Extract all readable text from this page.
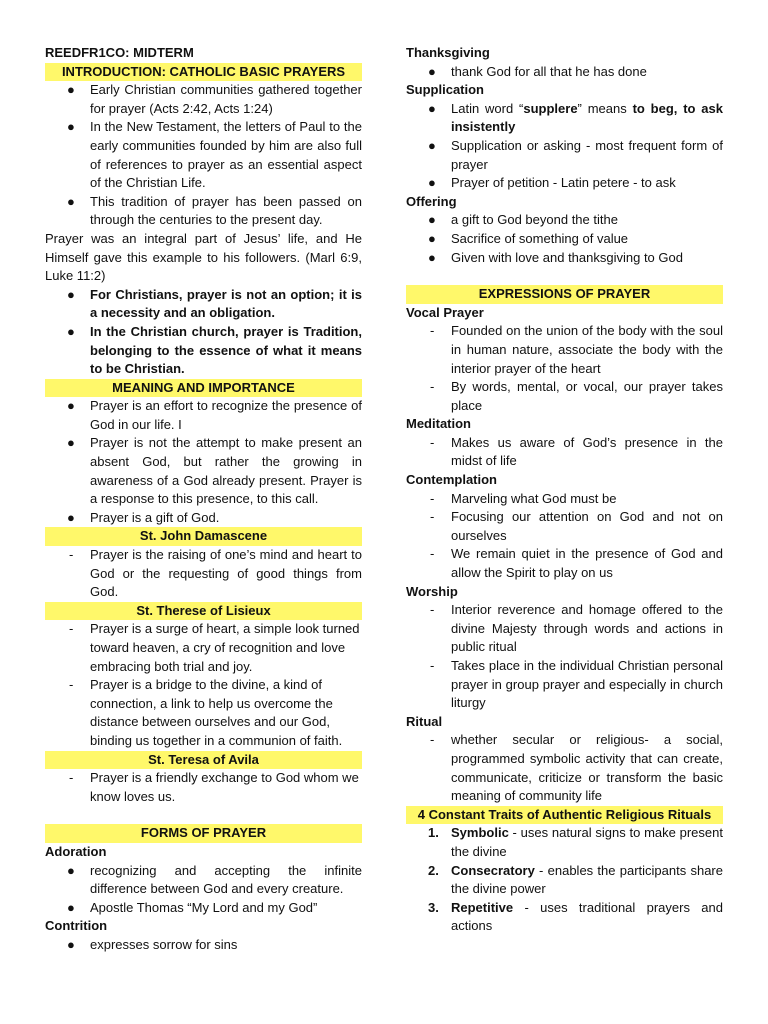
REEDFR1CO: MIDTERM

INTRODUCTION: CATHOLIC BASIC PRAYERS

● Early Christian communities gathered together for prayer (Acts 2:42, Acts 1:24)
● In the New Testament, the letters of Paul to the early communities founded by him are also full of references to prayer as an essential aspect of the Christian Life.
● This tradition of prayer has been passed on through the centuries to the present day.

Prayer was an integral part of Jesus’ life, and He Himself gave this example to his followers. (Marl 6:9, Luke 11:2)

● For Christians, prayer is not an option; it is a necessity and an obligation.
● In the Christian church, prayer is Tradition, belonging to the essence of what it means to be Christian.

MEANING AND IMPORTANCE

● Prayer is an effort to recognize the presence of God in our life. I
● Prayer is not the attempt to make present an absent God, but rather the growing in awareness of a God already present. Prayer is a response to this presence, to this call.
● Prayer is a gift of God.

St. John Damascene

- Prayer is the raising of one’s mind and heart to God or the requesting of good things from God.

St. Therese of Lisieux

- Prayer is a surge of heart, a simple look turned toward heaven, a cry of recognition and love embracing both trial and joy.
- Prayer is a bridge to the divine, a kind of connection, a link to help us overcome the distance between ourselves and our God, binding us together in a communion of faith.

St. Teresa of Avila

- Prayer is a friendly exchange to God whom we know loves us.

FORMS OF PRAYER

Adoration

● recognizing and accepting the infinite difference between God and every creature.
● Apostle Thomas “My Lord and my God”

Contrition

● expresses sorrow for sins

Thanksgiving

● thank God for all that he has done

Supplication

● Latin word “supplere” means to beg, to ask insistently
● Supplication or asking - most frequent form of prayer
● Prayer of petition - Latin petere - to ask

Offering

● a gift to God beyond the tithe
● Sacrifice of something of value
● Given with love and thanksgiving to God

EXPRESSIONS OF PRAYER

Vocal Prayer

- Founded on the union of the body with the soul in human nature, associate the body with the interior prayer of the heart
- By words, mental, or vocal, our prayer takes place

Meditation

- Makes us aware of God’s presence in the midst of life

Contemplation

- Marveling what God must be
- Focusing our attention on God and not on ourselves
- We remain quiet in the presence of God and allow the Spirit to play on us

Worship

- Interior reverence and homage offered to the divine Majesty through words and actions in public ritual
- Takes place in the individual Christian personal prayer in group prayer and especially in church liturgy

Ritual

- whether secular or religious- a social, programmed symbolic activity that can create, communicate, criticize or transform the basic meaning of community life

4 Constant Traits of Authentic Religious Rituals

1. Symbolic - uses natural signs to make present the divine
2. Consecratory - enables the participants share the divine power
3. Repetitive - uses traditional prayers and actions
